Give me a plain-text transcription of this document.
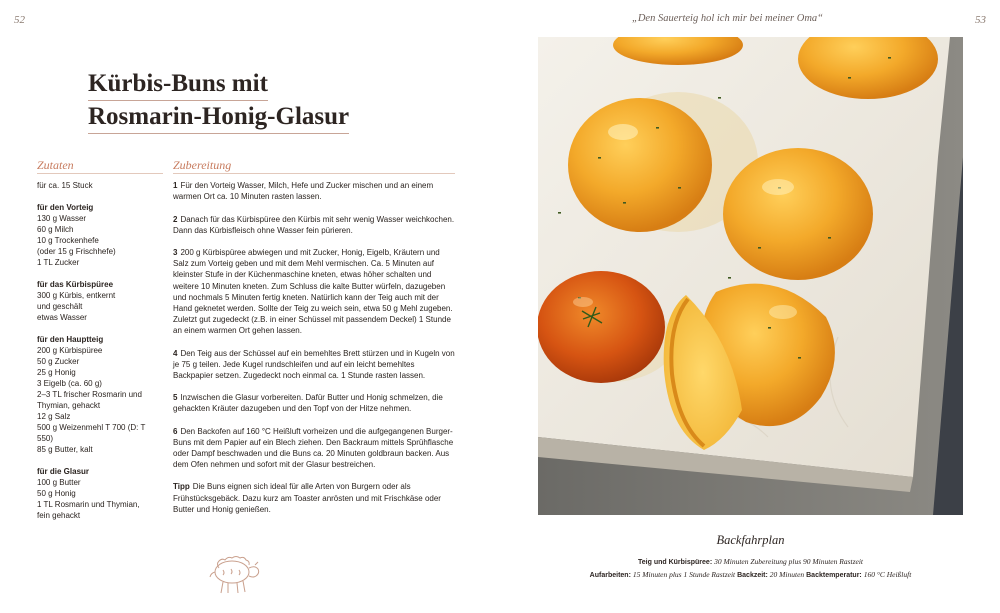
52	„Den Sauerteig hol ich mir bei meiner Oma“	53
Kürbis-Buns mit
Rosmarin-Honig-Glasur
Zutaten
für ca. 15 Stuck
für den Vorteig
130 g Wasser
60 g Milch
10 g Trockenhefe
(oder 15 g Frischhefe)
1 TL Zucker
für das Kürbispüree
300 g Kürbis, entkernt
und geschält
etwas Wasser
für den Hauptteig
200 g Kürbispüree
50 g Zucker
25 g Honig
3 Eigelb (ca. 60 g)
2–3 TL frischer Rosmarin und
Thymian, gehackt
12 g Salz
500 g Weizenmehl T 700 (D: T 550)
85 g Butter, kalt
für die Glasur
100 g Butter
50 g Honig
1 TL Rosmarin und Thymian,
fein gehackt
Zubereitung

1 Für den Vorteig Wasser, Milch, Hefe und Zucker mischen und an einem warmen Ort ca. 10 Minuten rasten lassen.

2 Danach für das Kürbispüree den Kürbis mit sehr wenig Wasser weichkochen. Dann das Kürbisfleisch ohne Wasser fein pürieren.

3 200 g Kürbispüree abwiegen und mit Zucker, Honig, Eigelb, Kräutern und Salz zum Vorteig geben und mit dem Mehl vermischen. Ca. 5 Minuten auf kleinster Stufe in der Küchenmaschine kneten, etwas höher schalten und weitere 10 Minuten kneten. Zum Schluss die kalte Butter würfeln, dazugeben und nochmals 5 Minuten fertig kneten. Natürlich kann der Teig auch mit der Hand geknetet werden. Sollte der Teig zu weich sein, etwa 50 g Mehl zugeben. Zuletzt gut zugedeckt (z.B. in einer Schüssel mit passendem Deckel) 1 Stunde an einem warmen Ort gehen lassen.

4 Den Teig aus der Schüssel auf ein bemehltes Brett stürzen und in Kugeln von je 75 g teilen. Jede Kugel rundschleifen und auf ein leicht bemehltes Backpapier setzen. Zugedeckt noch einmal ca. 1 Stunde rasten lassen.

5 Inzwischen die Glasur vorbereiten. Dafür Butter und Honig schmelzen, die gehackten Kräuter dazugeben und den Topf von der Hitze nehmen.

6 Den Backofen auf 160 °C Heißluft vorheizen und die aufgegangenen Burger-Buns mit dem Papier auf ein Blech ziehen. Den Backraum mittels Sprühflasche oder Dampf beschwaden und die Buns ca. 20 Minuten goldbraun backen. Aus dem Ofen nehmen und sofort mit der Glasur bestreichen.

Tipp Die Buns eignen sich ideal für alle Arten von Burgern oder als Frühstücksgebäck. Dazu kurz am Toaster anrösten und mit Frischkäse oder Butter und Honig genießen.

Backfahrplan
Teig und Kürbispüree: 30 Minuten Zubereitung plus 90 Minuten Rastzeit
Aufarbeiten: 15 Minuten plus 1 Stunde Rastzeit Backzeit: 20 Minuten Backtemperatur: 160 °C Heißluft
